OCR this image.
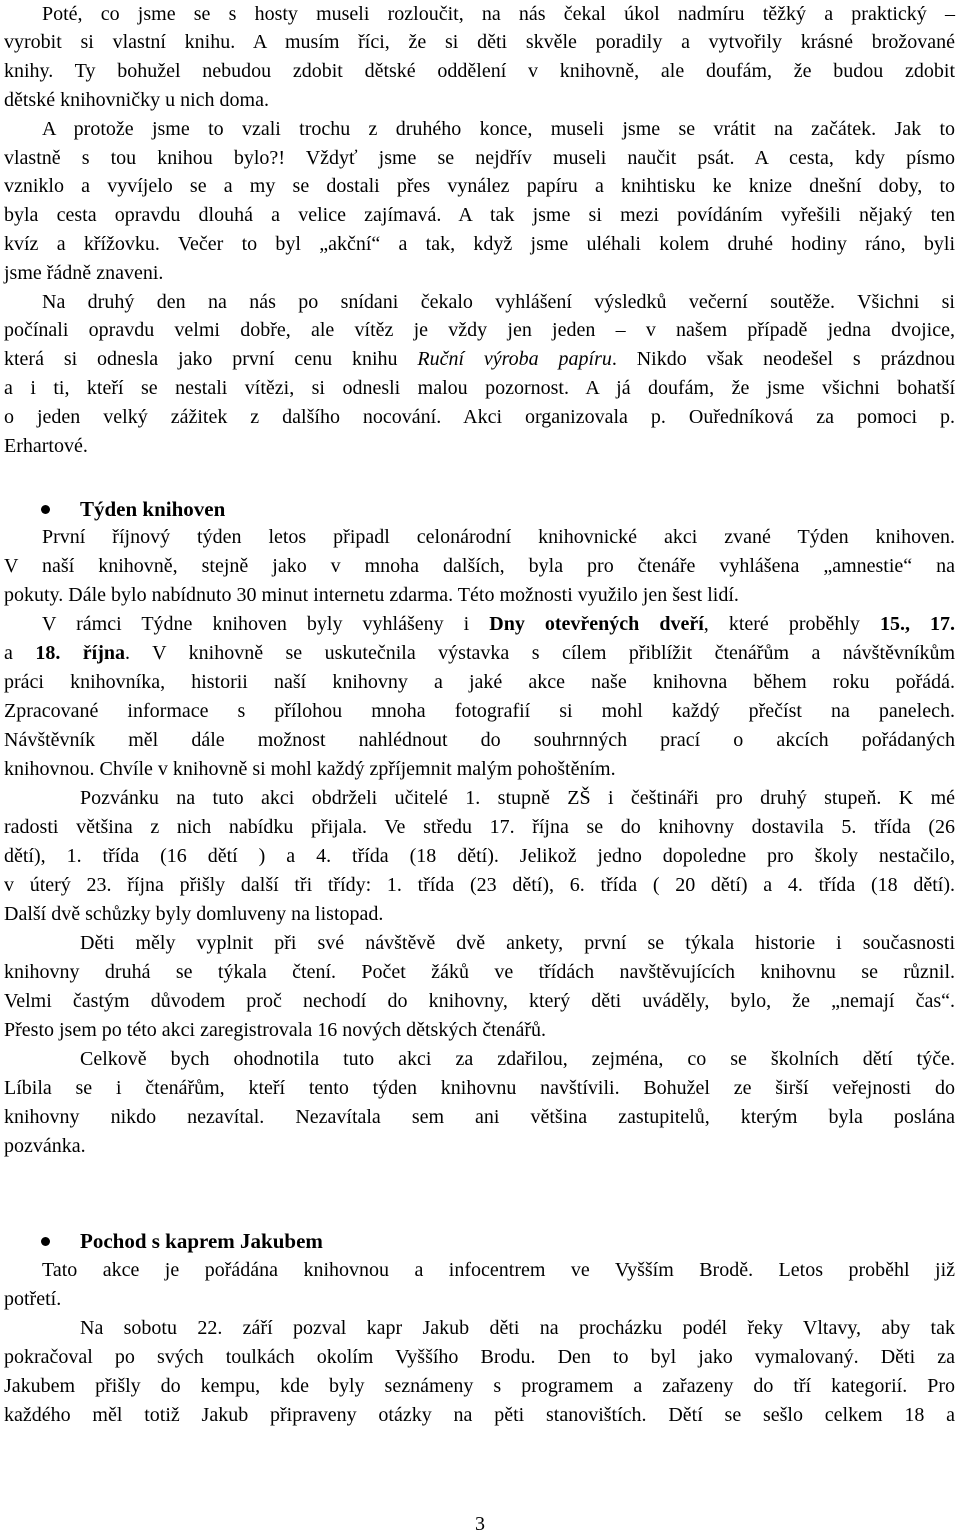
Poté, co jsme se s hosty museli rozloučit, na nás čekal úkol nadmíru těžký a praktický –
vyrobit si vlastní knihu. A musím říci, že si děti skvěle poradily a vytvořily krásné brožované
knihy. Ty bohužel nebudou zdobit dětské oddělení v knihovně, ale doufám, že budou zdobit
dětské knihovničky u nich doma.
A protože jsme to vzali trochu z druhého konce, museli jsme se vrátit na začátek. Jak to
vlastně s tou knihou bylo?! Vždyť jsme se nejdřív museli naučit psát. A cesta, kdy písmo
vzniklo a vyvíjelo se a my se dostali přes vynález papíru a knihtisku ke knize dnešní doby, to
byla cesta opravdu dlouhá a velice zajímavá. A tak jsme si mezi povídáním vyřešili nějaký ten
kvíz a křížovku. Večer to byl „akční“ a tak, když jsme uléhali kolem druhé hodiny ráno, byli
jsme řádně znaveni.
Na druhý den na nás po snídani čekalo vyhlášení výsledků večerní soutěže. Všichni si
počínali opravdu velmi dobře, ale vítěz je vždy jen jeden – v našem případě jedna dvojice,
která si odnesla jako první cenu knihu Ruční výroba papíru. Nikdo však neodešel s prázdnou
a i ti, kteří se nestali vítězi, si odnesli malou pozornost. A já doufám, že jsme všichni bohatší
o jeden velký zážitek z dalšího nocování. Akci organizovala p. Ouředníková za pomoci p.
Erhartové.
Týden knihoven
První říjnový týden letos připadl celonárodní knihovnické akci zvané Týden knihoven.
V naší knihovně, stejně jako v mnoha dalších, byla pro čtenáře vyhlášena „amnestie“ na
pokuty. Dále bylo nabídnuto 30 minut internetu zdarma. Této možnosti využilo jen šest lidí.
V rámci Týdne knihoven byly vyhlášeny i Dny otevřených dveří, které proběhly 15., 17.
a 18. října. V knihovně se uskutečnila výstavka s cílem přiblížit čtenářům a návštěvníkům
práci knihovníka, historii naší knihovny a jaké akce naše knihovna během roku pořádá.
Zpracované informace s přílohou mnoha fotografií si mohl každý přečíst na panelech.
Návštěvník měl dále možnost nahlédnout do souhrnných prací o akcích pořádaných
knihovnou. Chvíle v knihovně si mohl každý zpříjemnit malým pohoštěním.
Pozvánku na tuto akci obdrželi učitelé 1. stupně ZŠ i češtináři pro druhý stupeň. K mé
radosti většina z nich nabídku přijala. Ve středu 17. října se do knihovny dostavila 5. třída (26
dětí), 1. třída (16 dětí ) a 4. třída (18 dětí). Jelikož jedno dopoledne pro školy nestačilo,
v úterý 23. října přišly další tři třídy: 1. třída (23 dětí), 6. třída ( 20 dětí) a 4. třída (18 dětí).
Další dvě schůzky byly domluveny na listopad.
Děti měly vyplnit při své návštěvě dvě ankety, první se týkala historie i současnosti
knihovny druhá se týkala čtení. Počet žáků ve třídách navštěvujících knihovnu se různil.
Velmi častým důvodem proč nechodí do knihovny, který děti uváděly, bylo, že „nemají čas“.
Přesto jsem po této akci zaregistrovala 16 nových dětských čtenářů.
Celkově bych ohodnotila tuto akci za zdařilou, zejména, co se školních dětí týče.
Líbila se i čtenářům, kteří tento týden knihovnu navštívili. Bohužel ze širší veřejnosti do
knihovny nikdo nezavítal. Nezavítala sem ani většina zastupitelů, kterým byla poslána
pozvánka.
Pochod s kaprem Jakubem
Tato akce je pořádána knihovnou a infocentrem ve Vyšším Brodě. Letos proběhl již
potřetí.
Na sobotu 22. září pozval kapr Jakub děti na procházku podél řeky Vltavy, aby tak
pokračoval po svých toulkách okolím Vyššího Brodu. Den to byl jako vymalovaný. Děti za
Jakubem přišly do kempu, kde byly seznámeny s programem a zařazeny do tří kategorií. Pro
každého měl totiž Jakub připraveny otázky na pěti stanovištích. Dětí se sešlo celkem 18 a
3
